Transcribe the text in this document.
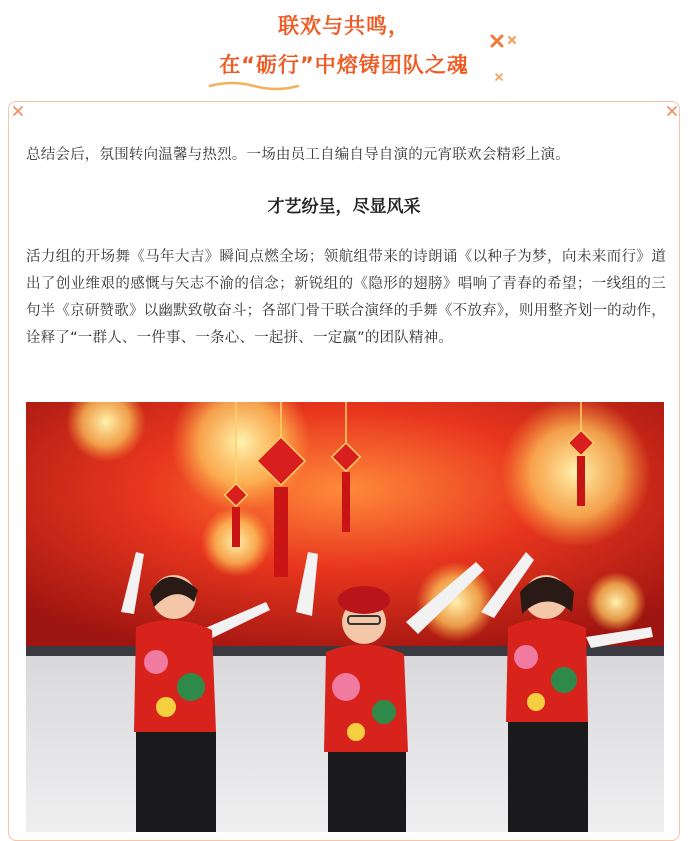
联欢与共鸣，
在“砺行”中熔铸团队之魂

总结会后，氛围转向温馨与热烈。一场由员工自编自导自演的元宵联欢会精彩上演。

才艺纷呈，尽显风采

活力组的开场舞《马年大吉》瞬间点燃全场；领航组带来的诗朗诵《以种子为梦，向未来而行》道出了创业维艰的感慨与矢志不渝的信念；新锐组的《隐形的翅膀》唱响了青春的希望；一线组的三句半《京研赞歌》以幽默致敬奋斗；各部门骨干联合演绎的手舞《不放弃》，则用整齐划一的动作，诠释了“一群人、一件事、一条心、一起拼、一定赢”的团队精神。
